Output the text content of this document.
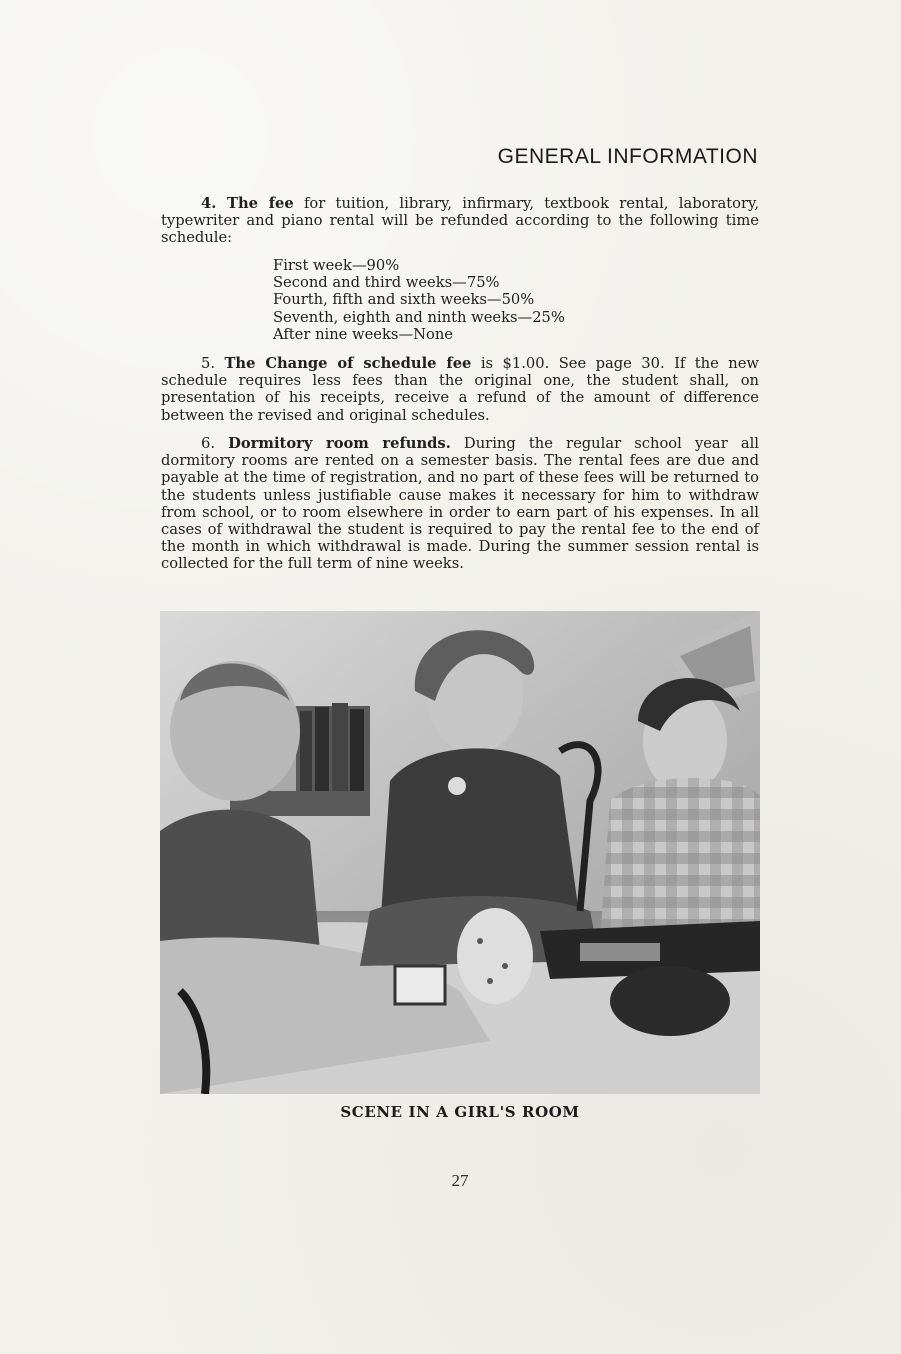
GENERAL INFORMATION

4. The fee for tuition, library, infirmary, textbook rental, laboratory, typewriter and piano rental will be refunded according to the following time schedule:

First week—90%
Second and third weeks—75%
Fourth, fifth and sixth weeks—50%
Seventh, eighth and ninth weeks—25%
After nine weeks—None

5. The Change of schedule fee is $1.00. See page 30. If the new schedule requires less fees than the original one, the student shall, on presentation of his receipts, receive a refund of the amount of difference between the revised and original schedules.

6. Dormitory room refunds. During the regular school year all dormitory rooms are rented on a semester basis. The rental fees are due and payable at the time of registration, and no part of these fees will be returned to the students unless justifiable cause makes it necessary for him to withdraw from school, or to room elsewhere in order to earn part of his expenses. In all cases of withdrawal the student is required to pay the rental fee to the end of the month in which withdrawal is made. During the summer session rental is collected for the full term of nine weeks.

SCENE IN A GIRL'S ROOM
27
